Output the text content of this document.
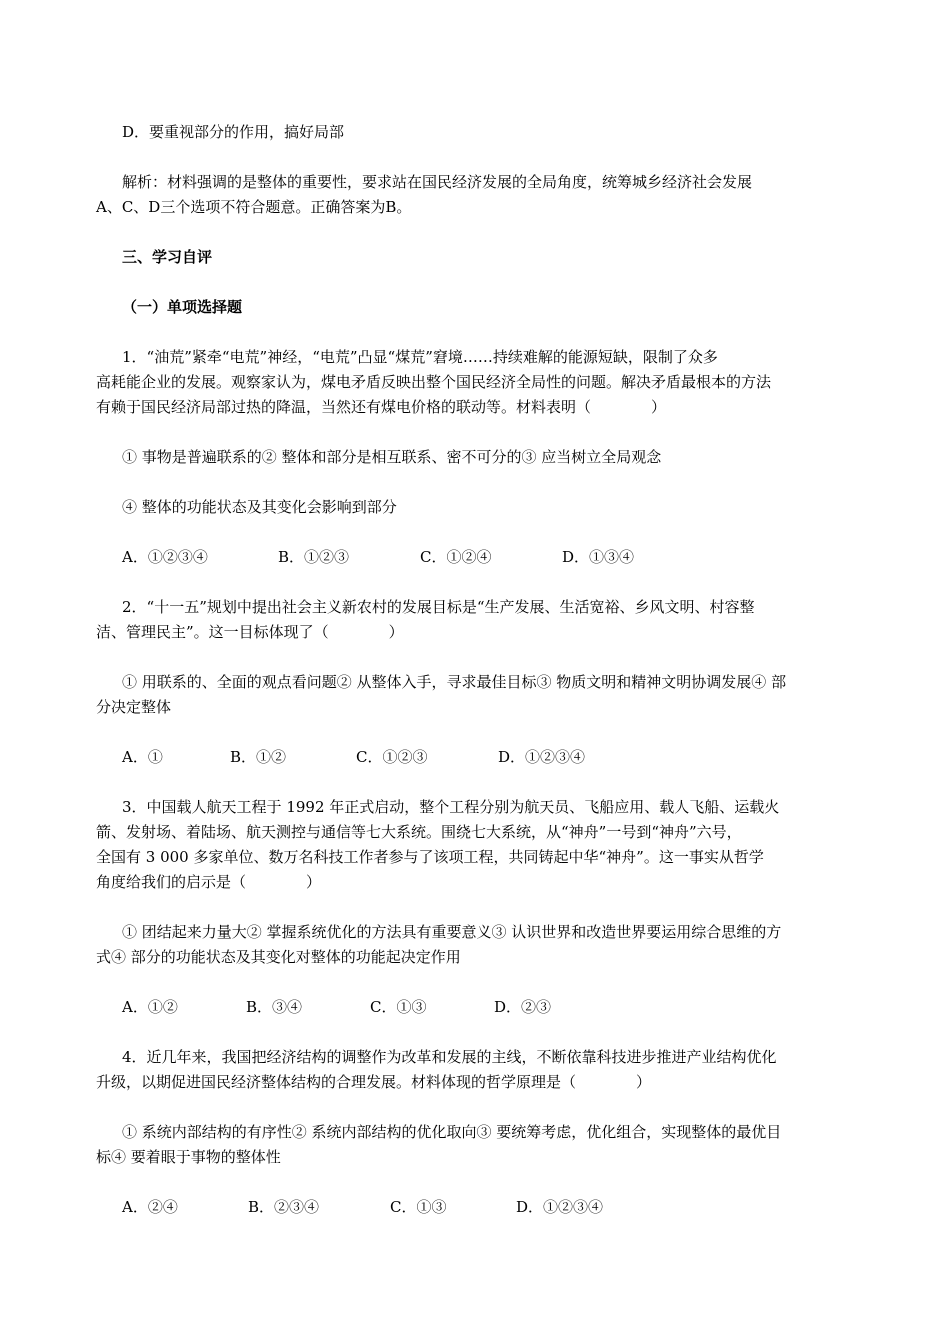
D．要重视部分的作用，搞好局部

解析：材料强调的是整体的重要性，要求站在国民经济发展的全局角度，统筹城乡经济社会发展

A、C、D三个选项不符合题意。正确答案为B。

三、学习自评

（一）单项选择题

1．“油荒”紧牵“电荒”神经，“电荒”凸显“煤荒”窘境……持续难解的能源短缺，限制了众多

高耗能企业的发展。观察家认为，煤电矛盾反映出整个国民经济全局性的问题。解决矛盾最根本的方法

有赖于国民经济局部过热的降温，当然还有煤电价格的联动等。材料表明（　　　　）

① 事物是普遍联系的② 整体和部分是相互联系、密不可分的③ 应当树立全局观念

④ 整体的功能状态及其变化会影响到部分

A．①②③④	B．①②③	C．①②④	D．①③④

2．“十一五”规划中提出社会主义新农村的发展目标是“生产发展、生活宽裕、乡风文明、村容整

洁、管理民主”。这一目标体现了（　　　　）

① 用联系的、全面的观点看问题② 从整体入手，寻求最佳目标③ 物质文明和精神文明协调发展④ 部

分决定整体

A．①	B．①②	C．①②③	D．①②③④

3．中国载人航天工程于 1992 年正式启动，整个工程分别为航天员、飞船应用、载人飞船、运载火

箭、发射场、着陆场、航天测控与通信等七大系统。围绕七大系统，从“神舟”一号到“神舟”六号，

全国有 3 000 多家单位、数万名科技工作者参与了该项工程，共同铸起中华“神舟”。这一事实从哲学

角度给我们的启示是（　　　　）

① 团结起来力量大② 掌握系统优化的方法具有重要意义③ 认识世界和改造世界要运用综合思维的方

式④ 部分的功能状态及其变化对整体的功能起决定作用

A．①②	B．③④	C．①③	D．②③

4．近几年来，我国把经济结构的调整作为改革和发展的主线，不断依靠科技进步推进产业结构优化

升级，以期促进国民经济整体结构的合理发展。材料体现的哲学原理是（　　　　）

① 系统内部结构的有序性② 系统内部结构的优化取向③ 要统筹考虑，优化组合，实现整体的最优目

标④ 要着眼于事物的整体性

A．②④	B．②③④	C．①③	D．①②③④
